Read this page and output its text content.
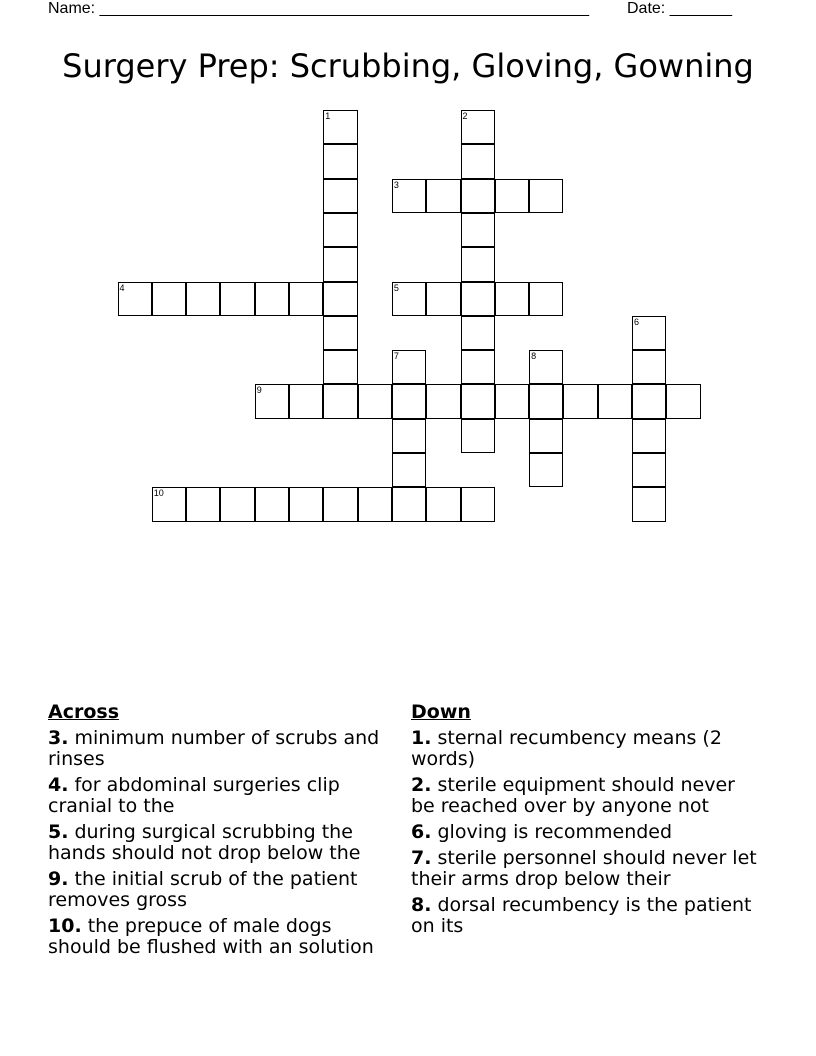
Name: _______________________________________________________ Date: _______
Surgery Prep: Scrubbing, Gloving, Gowning
1	2
3
4	5
6
7	8
9
10
Across
3. minimum number of scrubs and rinses
4. for abdominal surgeries clip cranial to the
5. during surgical scrubbing the hands should not drop below the
9. the initial scrub of the patient removes gross
10. the prepuce of male dogs should be flushed with an solution
Down
1. sternal recumbency means (2 words)
2. sterile equipment should never be reached over by anyone not
6. gloving is recommended
7. sterile personnel should never let their arms drop below their
8. dorsal recumbency is the patient on its
